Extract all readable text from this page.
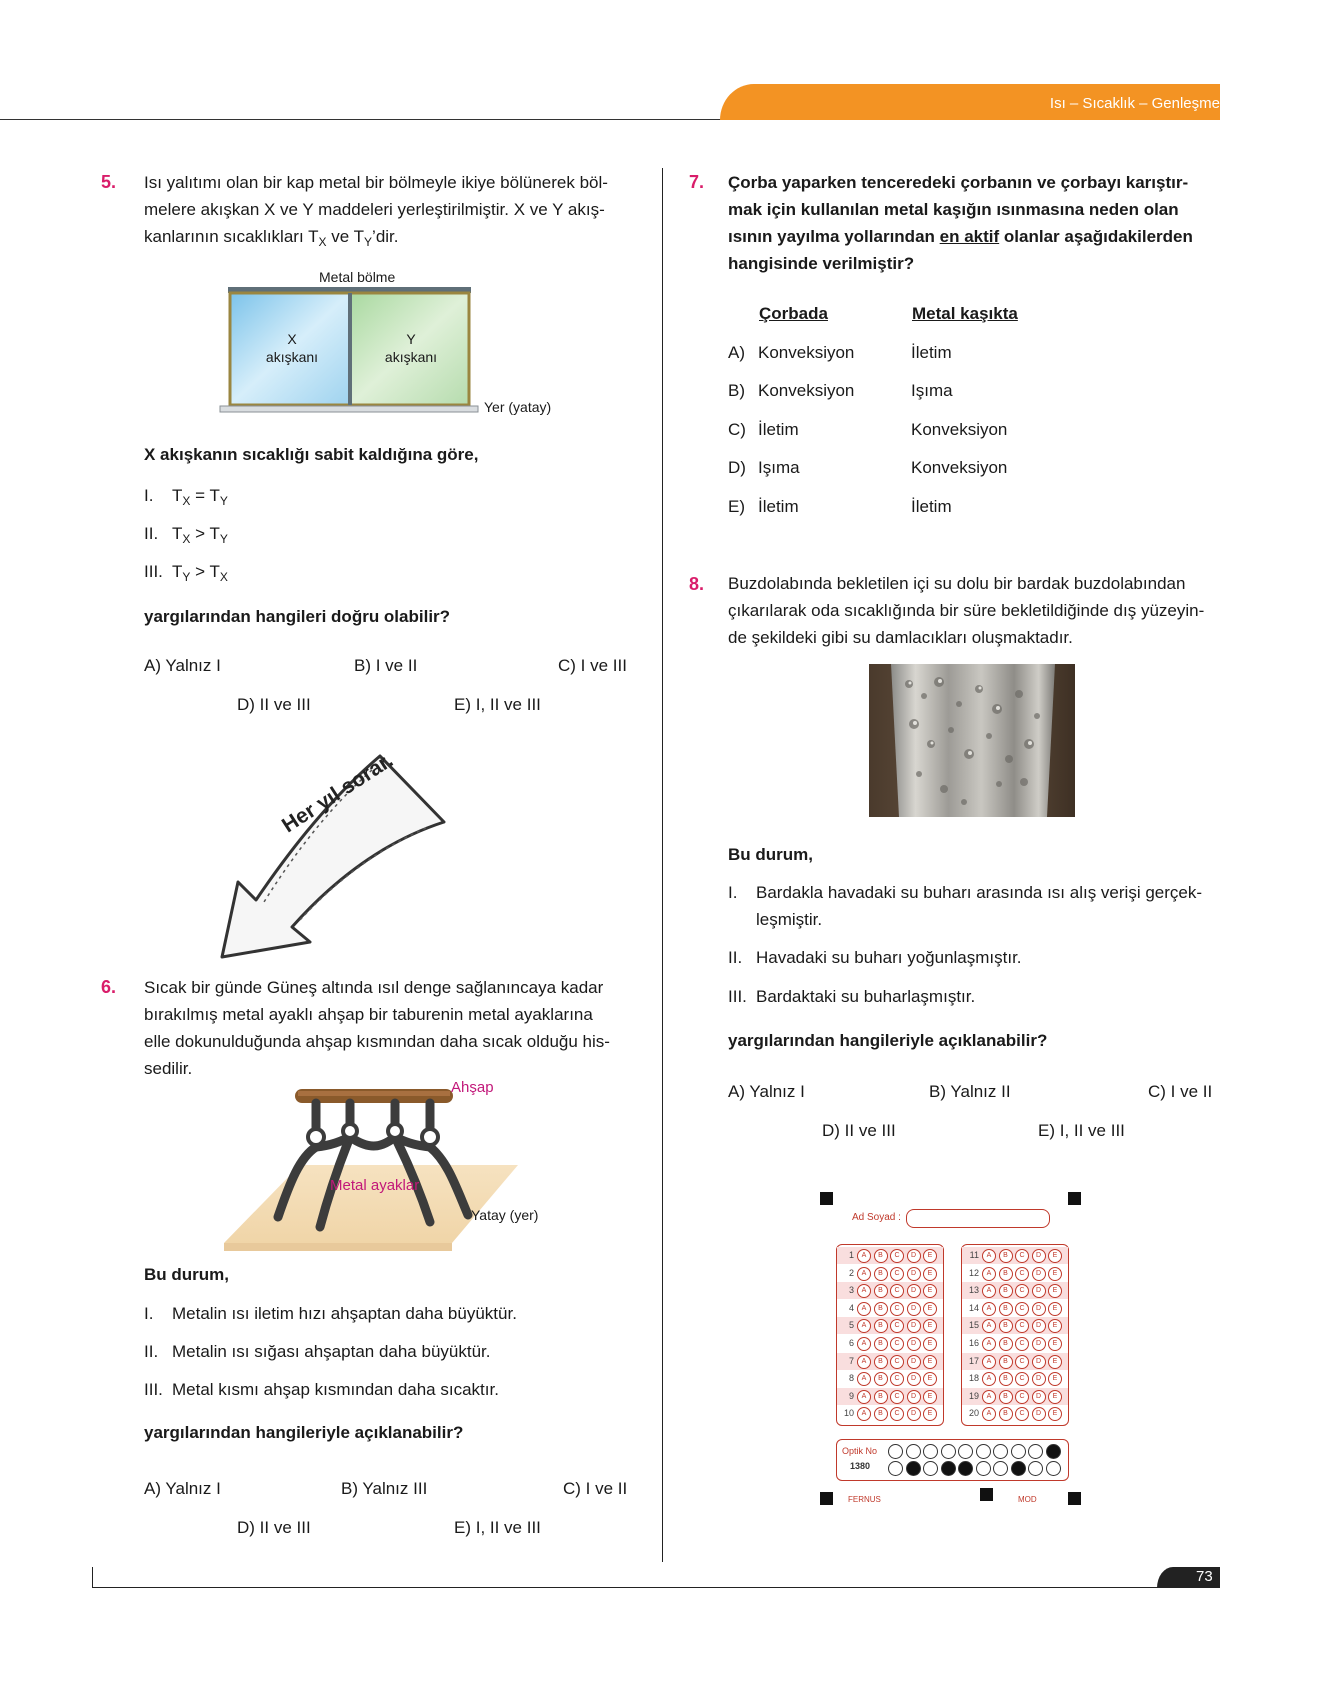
Isı – Sıcaklık – Genleşme
5. Isı yalıtımı olan bir kap metal bir bölmeyle ikiye bölünerek böl-
melere akışkan X ve Y maddeleri yerleştirilmiştir. X ve Y akış-
kanlarının sıcaklıkları $T_X$ ve $T_Y’dir$.
Metal bölme
X
akışkanı
Y
akışkanı
Yer (yatay)
X akışkanın sıcaklığı sabit kaldığına göre,
I. $T_X = T_Y$
II. $T_X > T_Y$
III. $T_Y > T_X$
yargılarından hangileri doğru olabilir?
A) Yalnız I	B) I ve II	C) I ve III
D) II ve III	E) I, II ve III
Her yıl sorar.
6. Sıcak bir günde Güneş altında ısıl denge sağlanıncaya kadar
bırakılmış metal ayaklı ahşap bir taburenin metal ayaklarına
elle dokunulduğunda ahşap kısmından daha sıcak olduğu his-
sedilir.
Ahşap
Metal ayaklar
Yatay (yer)
Bu durum,
I. Metalin ısı iletim hızı ahşaptan daha büyüktür.
II. Metalin ısı sığası ahşaptan daha büyüktür.
III. Metal kısmı ahşap kısmından daha sıcaktır.
yargılarından hangileriyle açıklanabilir?
A) Yalnız I	B) Yalnız III	C) I ve II
D) II ve III	E) I, II ve III
7. Çorba yaparken tenceredeki çorbanın ve çorbayı karıştır-
mak için kullanılan metal kaşığın ısınmasına neden olan
ısının yayılma yollarından en aktif olanlar aşağıdakilerden
hangisinde verilmiştir?
Çorbada	Metal kaşıkta
A) Konveksiyon	İletim
B) Konveksiyon	Işıma
C) İletim	Konveksiyon
D) Işıma	Konveksiyon
E) İletim	İletim
8. Buzdolabında bekletilen içi su dolu bir bardak buzdolabından
çıkarılarak oda sıcaklığında bir süre bekletildiğinde dış yüzeyin-
de şekildeki gibi su damlacıkları oluşmaktadır.
Bu durum,
I. Bardakla havadaki su buharı arasında ısı alış verişi gerçek-
leşmiştir.
II. Havadaki su buharı yoğunlaşmıştır.
III. Bardaktaki su buharlaşmıştır.
yargılarından hangileriyle açıklanabilir?
A) Yalnız I	B) Yalnız II	C) I ve II
D) II ve III	E) I, II ve III
Ad Soyad :
1	A	B	C	D	E
2	A	B	C	D	E
3	A	B	C	D	E
4	A	B	C	D	E
5	A	B	C	D	E
6	A	B	C	D	E
7	A	B	C	D	E
8	A	B	C	D	E
9	A	B	C	D	E
10	A	B	C	D	E
11	A	B	C	D	E
12	A	B	C	D	E
13	A	B	C	D	E
14	A	B	C	D	E
15	A	B	C	D	E
16	A	B	C	D	E
17	A	B	C	D	E
18	A	B	C	D	E
19	A	B	C	D	E
20	A	B	C	D	E
Optik No
1380
FERNUS	MOD
73
